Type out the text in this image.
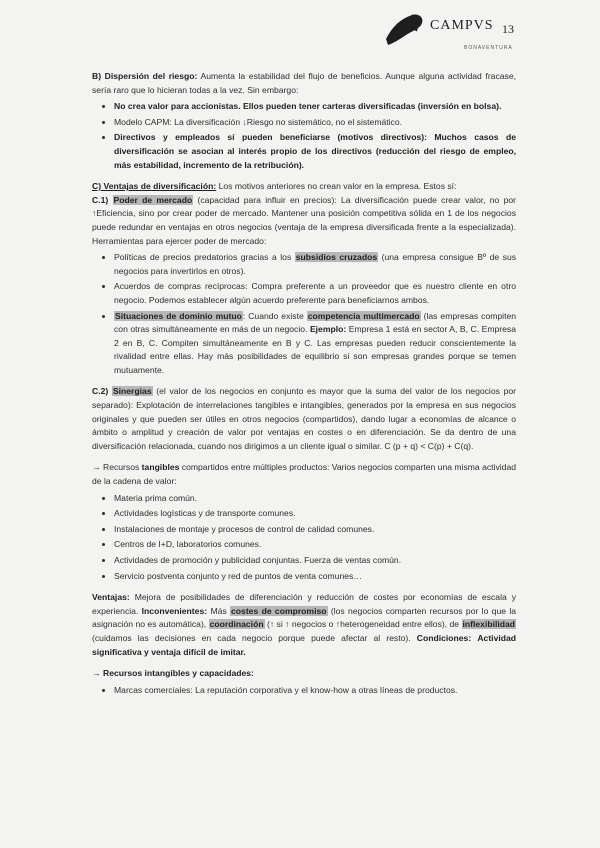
CAMPVS 13
BONAVENTURA
B) Dispersión del riesgo: Aumenta la estabilidad del flujo de beneficios. Aunque alguna actividad fracase, sería raro que lo hicieran todas a la vez. Sin embargo:
• No crea valor para accionistas. Ellos pueden tener carteras diversificadas (inversión en bolsa).
• Modelo CAPM: La diversificación ↓Riesgo no sistemático, no el sistemático.
• Directivos y empleados sí pueden beneficiarse (motivos directivos): Muchos casos de diversificación se asocian al interés propio de los directivos (reducción del riesgo de empleo, más estabilidad, incremento de la retribución).
C) Ventajas de diversificación: Los motivos anteriores no crean valor en la empresa. Estos sí:
C.1) Poder de mercado (capacidad para influir en precios): La diversificación puede crear valor, no por ↑Eficiencia, sino por crear poder de mercado. Mantener una posición competitiva sólida en 1 de los negocios puede redundar en ventajas en otros negocios (ventaja de la empresa diversificada frente a la especializada). Herramientas para ejercer poder de mercado:
• Políticas de precios predatorios gracias a los subsidios cruzados (una empresa consigue Bº de sus negocios para invertirlos en otros).
• Acuerdos de compras recíprocas: Compra preferente a un proveedor que es nuestro cliente en otro negocio. Podemos establecer algún acuerdo preferente para beneficiarnos ambos.
• Situaciones de dominio mutuo: Cuando existe competencia multimercado (las empresas compiten con otras simultáneamente en más de un negocio. Ejemplo: Empresa 1 está en sector A, B, C. Empresa 2 en B, C. Compiten simultáneamente en B y C. Las empresas pueden reducir conscientemente la rivalidad entre ellas. Hay más posibilidades de equilibrio si son empresas grandes porque se temen mutuamente.
C.2) Sinergias (el valor de los negocios en conjunto es mayor que la suma del valor de los negocios por separado): Explotación de interrelaciones tangibles e intangibles, generados por la empresa en sus negocios originales y que pueden ser útiles en otros negocios (compartidos), dando lugar a economías de alcance o ámbito o amplitud y creación de valor por ventajas en costes o en diferenciación. Se da dentro de una diversificación relacionada, cuando nos dirigimos a un cliente igual o similar. C (p + q) < C(p) + C(q).
→ Recursos tangibles compartidos entre múltiples productos: Varios negocios comparten una misma actividad de la cadena de valor:
• Materia prima común.
• Actividades logísticas y de transporte comunes.
• Instalaciones de montaje y procesos de control de calidad comunes.
• Centros de I+D, laboratorios comunes.
• Actividades de promoción y publicidad conjuntas. Fuerza de ventas común.
• Servicio postventa conjunto y red de puntos de venta comunes…
Ventajas: Mejora de posibilidades de diferenciación y reducción de costes por economías de escala y experiencia. Inconvenientes: Más costes de compromiso (los negocios comparten recursos por lo que la asignación no es automática), coordinación (↑ si ↑ negocios o ↑heterogeneidad entre ellos), de inflexibilidad (cuidamos las decisiones en cada negocio porque puede afectar al resto). Condiciones: Actividad significativa y ventaja difícil de imitar.
→ Recursos intangibles y capacidades:
• Marcas comerciales: La reputación corporativa y el know-how a otras líneas de productos.
